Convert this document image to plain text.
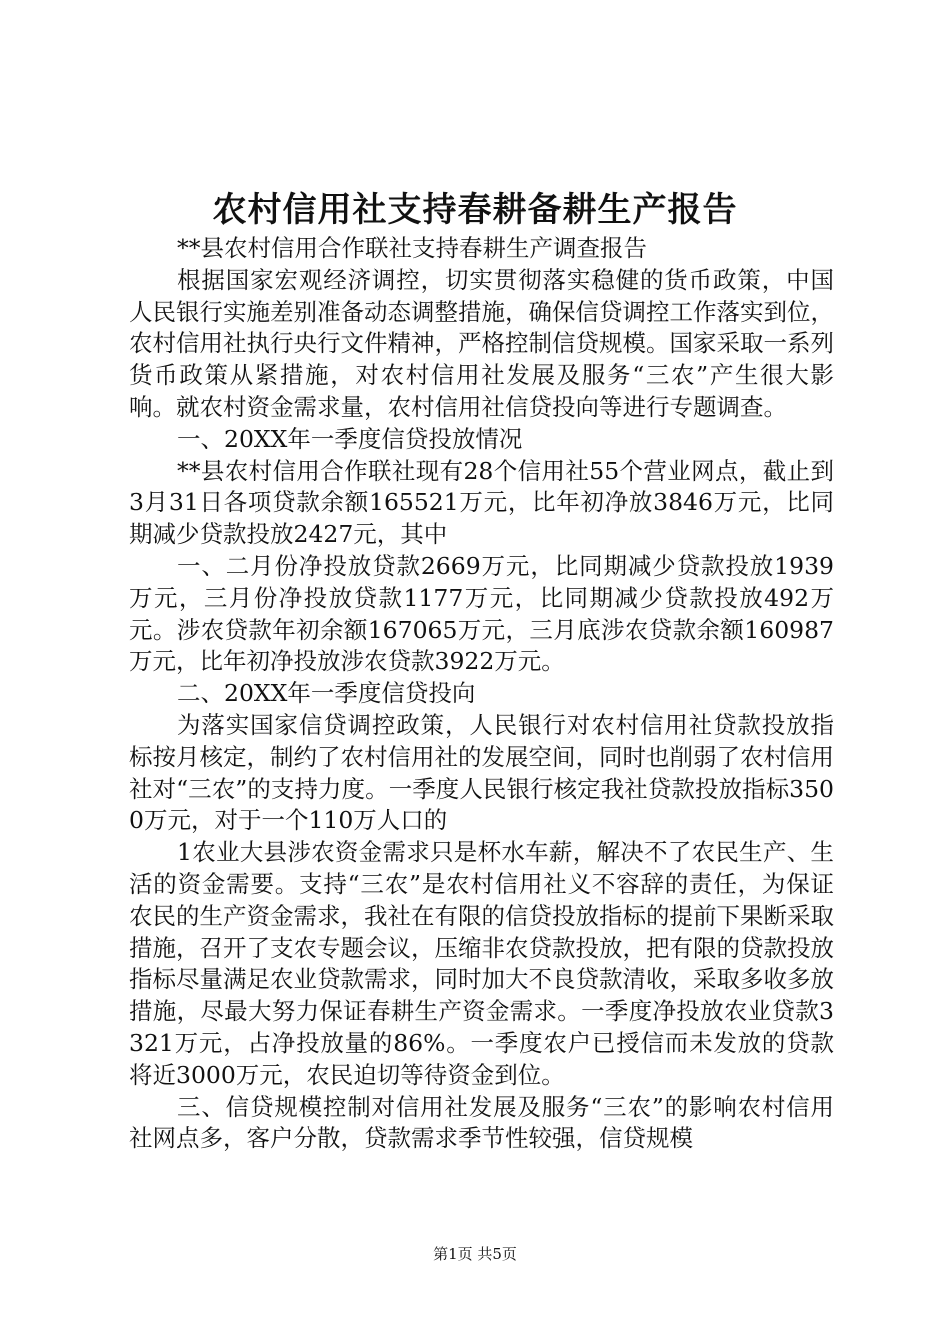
农村信用社支持春耕备耕生产报告

**县农村信用合作联社支持春耕生产调查报告

根据国家宏观经济调控，切实贯彻落实稳健的货币政策，中国人民银行实施差别准备动态调整措施，确保信贷调控工作落实到位，农村信用社执行央行文件精神，严格控制信贷规模。国家采取一系列货币政策从紧措施，对农村信用社发展及服务“三农”产生很大影响。就农村资金需求量，农村信用社信贷投向等进行专题调查。

一、20XX年一季度信贷投放情况

**县农村信用合作联社现有28个信用社55个营业网点，截止到3月31日各项贷款余额165521万元，比年初净放3846万元，比同期减少贷款投放2427元，其中

一、二月份净投放贷款2669万元，比同期减少贷款投放1939万元，三月份净投放贷款1177万元，比同期减少贷款投放492万元。涉农贷款年初余额167065万元，三月底涉农贷款余额160987万元，比年初净投放涉农贷款3922万元。

二、20XX年一季度信贷投向

为落实国家信贷调控政策，人民银行对农村信用社贷款投放指标按月核定，制约了农村信用社的发展空间，同时也削弱了农村信用社对“三农”的支持力度。一季度人民银行核定我社贷款投放指标3500万元，对于一个110万人口的

1农业大县涉农资金需求只是杯水车薪，解决不了农民生产、生活的资金需要。支持“三农”是农村信用社义不容辞的责任，为保证农民的生产资金需求，我社在有限的信贷投放指标的提前下果断采取措施，召开了支农专题会议，压缩非农贷款投放，把有限的贷款投放指标尽量满足农业贷款需求，同时加大不良贷款清收，采取多收多放措施，尽最大努力保证春耕生产资金需求。一季度净投放农业贷款3321万元，占净投放量的86%。一季度农户已授信而未发放的贷款将近3000万元，农民迫切等待资金到位。

三、信贷规模控制对信用社发展及服务“三农”的影响农村信用社网点多，客户分散，贷款需求季节性较强，信贷规模

第1页 共5页
